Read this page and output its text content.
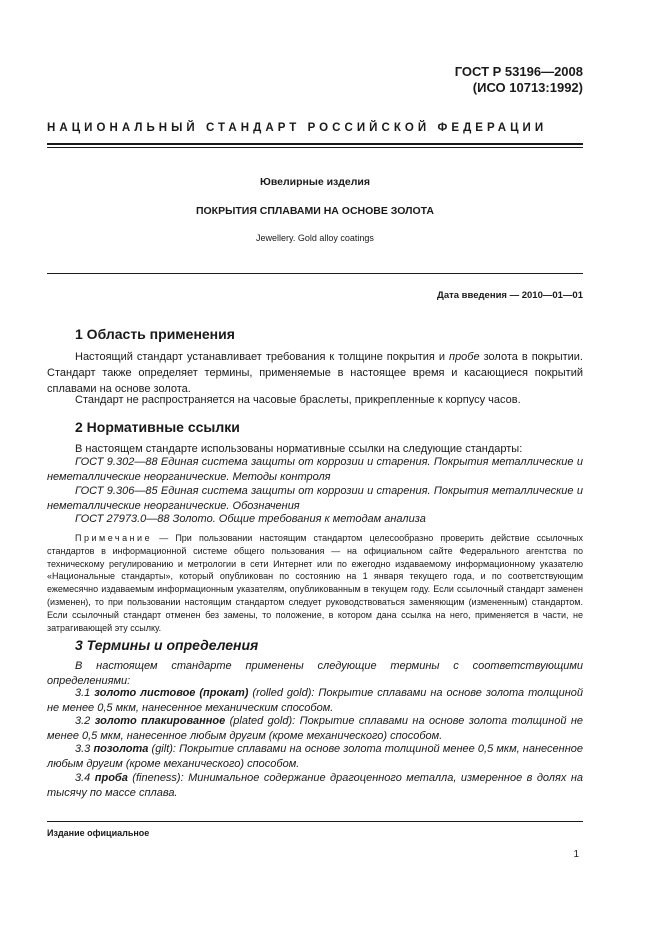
ГОСТ Р 53196—2008
(ИСО 10713:1992)
НАЦИОНАЛЬНЫЙ СТАНДАРТ РОССИЙСКОЙ ФЕДЕРАЦИИ
Ювелирные изделия
ПОКРЫТИЯ СПЛАВАМИ НА ОСНОВЕ ЗОЛОТА
Jewellery. Gold alloy coatings
Дата введения — 2010—01—01
1 Область применения
Настоящий стандарт устанавливает требования к толщине покрытия и пробе золота в покрытии. Стандарт также определяет термины, применяемые в настоящее время и касающиеся покрытий сплавами на основе золота.
Стандарт не распространяется на часовые браслеты, прикрепленные к корпусу часов.
2 Нормативные ссылки
В настоящем стандарте использованы нормативные ссылки на следующие стандарты:
ГОСТ 9.302—88 Единая система защиты от коррозии и старения. Покрытия металлические и неметаллические неорганические. Методы контроля
ГОСТ 9.306—85 Единая система защиты от коррозии и старения. Покрытия металлические и неметаллические неорганические. Обозначения
ГОСТ 27973.0—88 Золото. Общие требования к методам анализа
Примечание — При пользовании настоящим стандартом целесообразно проверить действие ссылочных стандартов в информационной системе общего пользования — на официальном сайте Федерального агентства по техническому регулированию и метрологии в сети Интернет или по ежегодно издаваемому информационному указателю «Национальные стандарты», который опубликован по состоянию на 1 января текущего года, и по соответствующим ежемесячно издаваемым информационным указателям, опубликованным в текущем году. Если ссылочный стандарт заменен (изменен), то при пользовании настоящим стандартом следует руководствоваться заменяющим (измененным) стандартом. Если ссылочный стандарт отменен без замены, то положение, в котором дана ссылка на него, применяется в части, не затрагивающей эту ссылку.
3 Термины и определения
В настоящем стандарте применены следующие термины с соответствующими определениями:
3.1 золото листовое (прокат) (rolled gold): Покрытие сплавами на основе золота толщиной не менее 0,5 мкм, нанесенное механическим способом.
3.2 золото плакированное (plated gold): Покрытие сплавами на основе золота толщиной не менее 0,5 мкм, нанесенное любым другим (кроме механического) способом.
3.3 позолота (gilt): Покрытие сплавами на основе золота толщиной менее 0,5 мкм, нанесенное любым другим (кроме механического) способом.
3.4 проба (fineness): Минимальное содержание драгоценного металла, измеренное в долях на тысячу по массе сплава.
Издание официальное
1
